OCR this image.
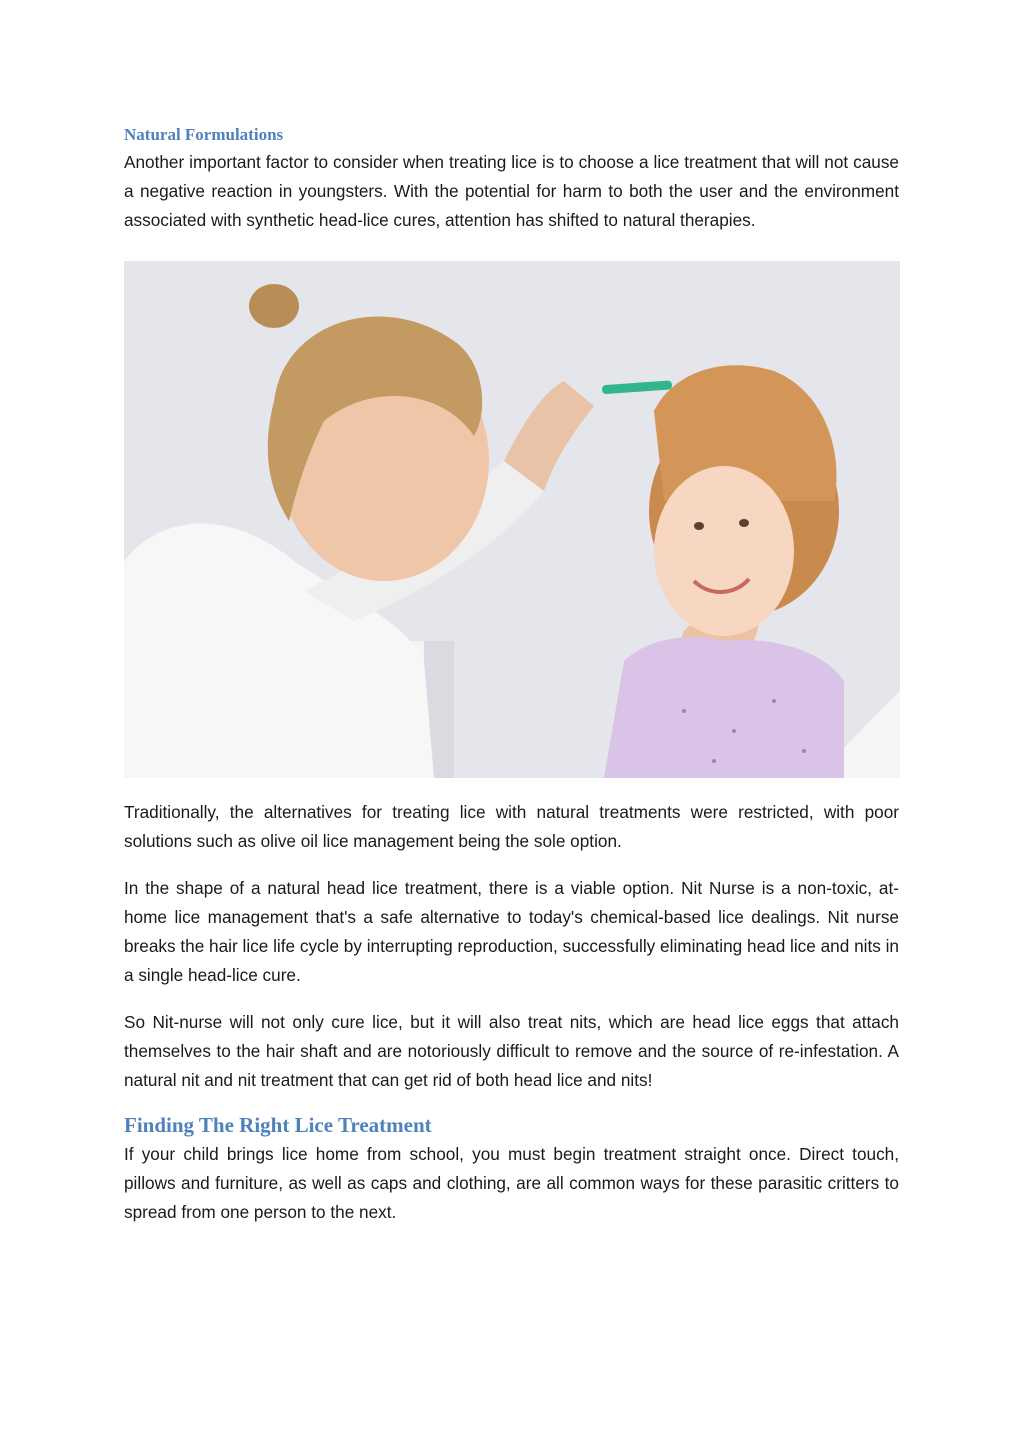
Natural Formulations

Another important factor to consider when treating lice is to choose a lice treatment that will not cause a negative reaction in youngsters. With the potential for harm to both the user and the environment associated with synthetic head-lice cures, attention has shifted to natural therapies.

Traditionally, the alternatives for treating lice with natural treatments were restricted, with poor solutions such as olive oil lice management being the sole option.

In the shape of a natural head lice treatment, there is a viable option. Nit Nurse is a non-toxic, at-home lice management that's a safe alternative to today's chemical-based lice dealings. Nit nurse breaks the hair lice life cycle by interrupting reproduction, successfully eliminating head lice and nits in a single head-lice cure.

So Nit-nurse will not only cure lice, but it will also treat nits, which are head lice eggs that attach themselves to the hair shaft and are notoriously difficult to remove and the source of re-infestation. A natural nit and nit treatment that can get rid of both head lice and nits!

Finding The Right Lice Treatment

If your child brings lice home from school, you must begin treatment straight once. Direct touch, pillows and furniture, as well as caps and clothing, are all common ways for these parasitic critters to spread from one person to the next.
